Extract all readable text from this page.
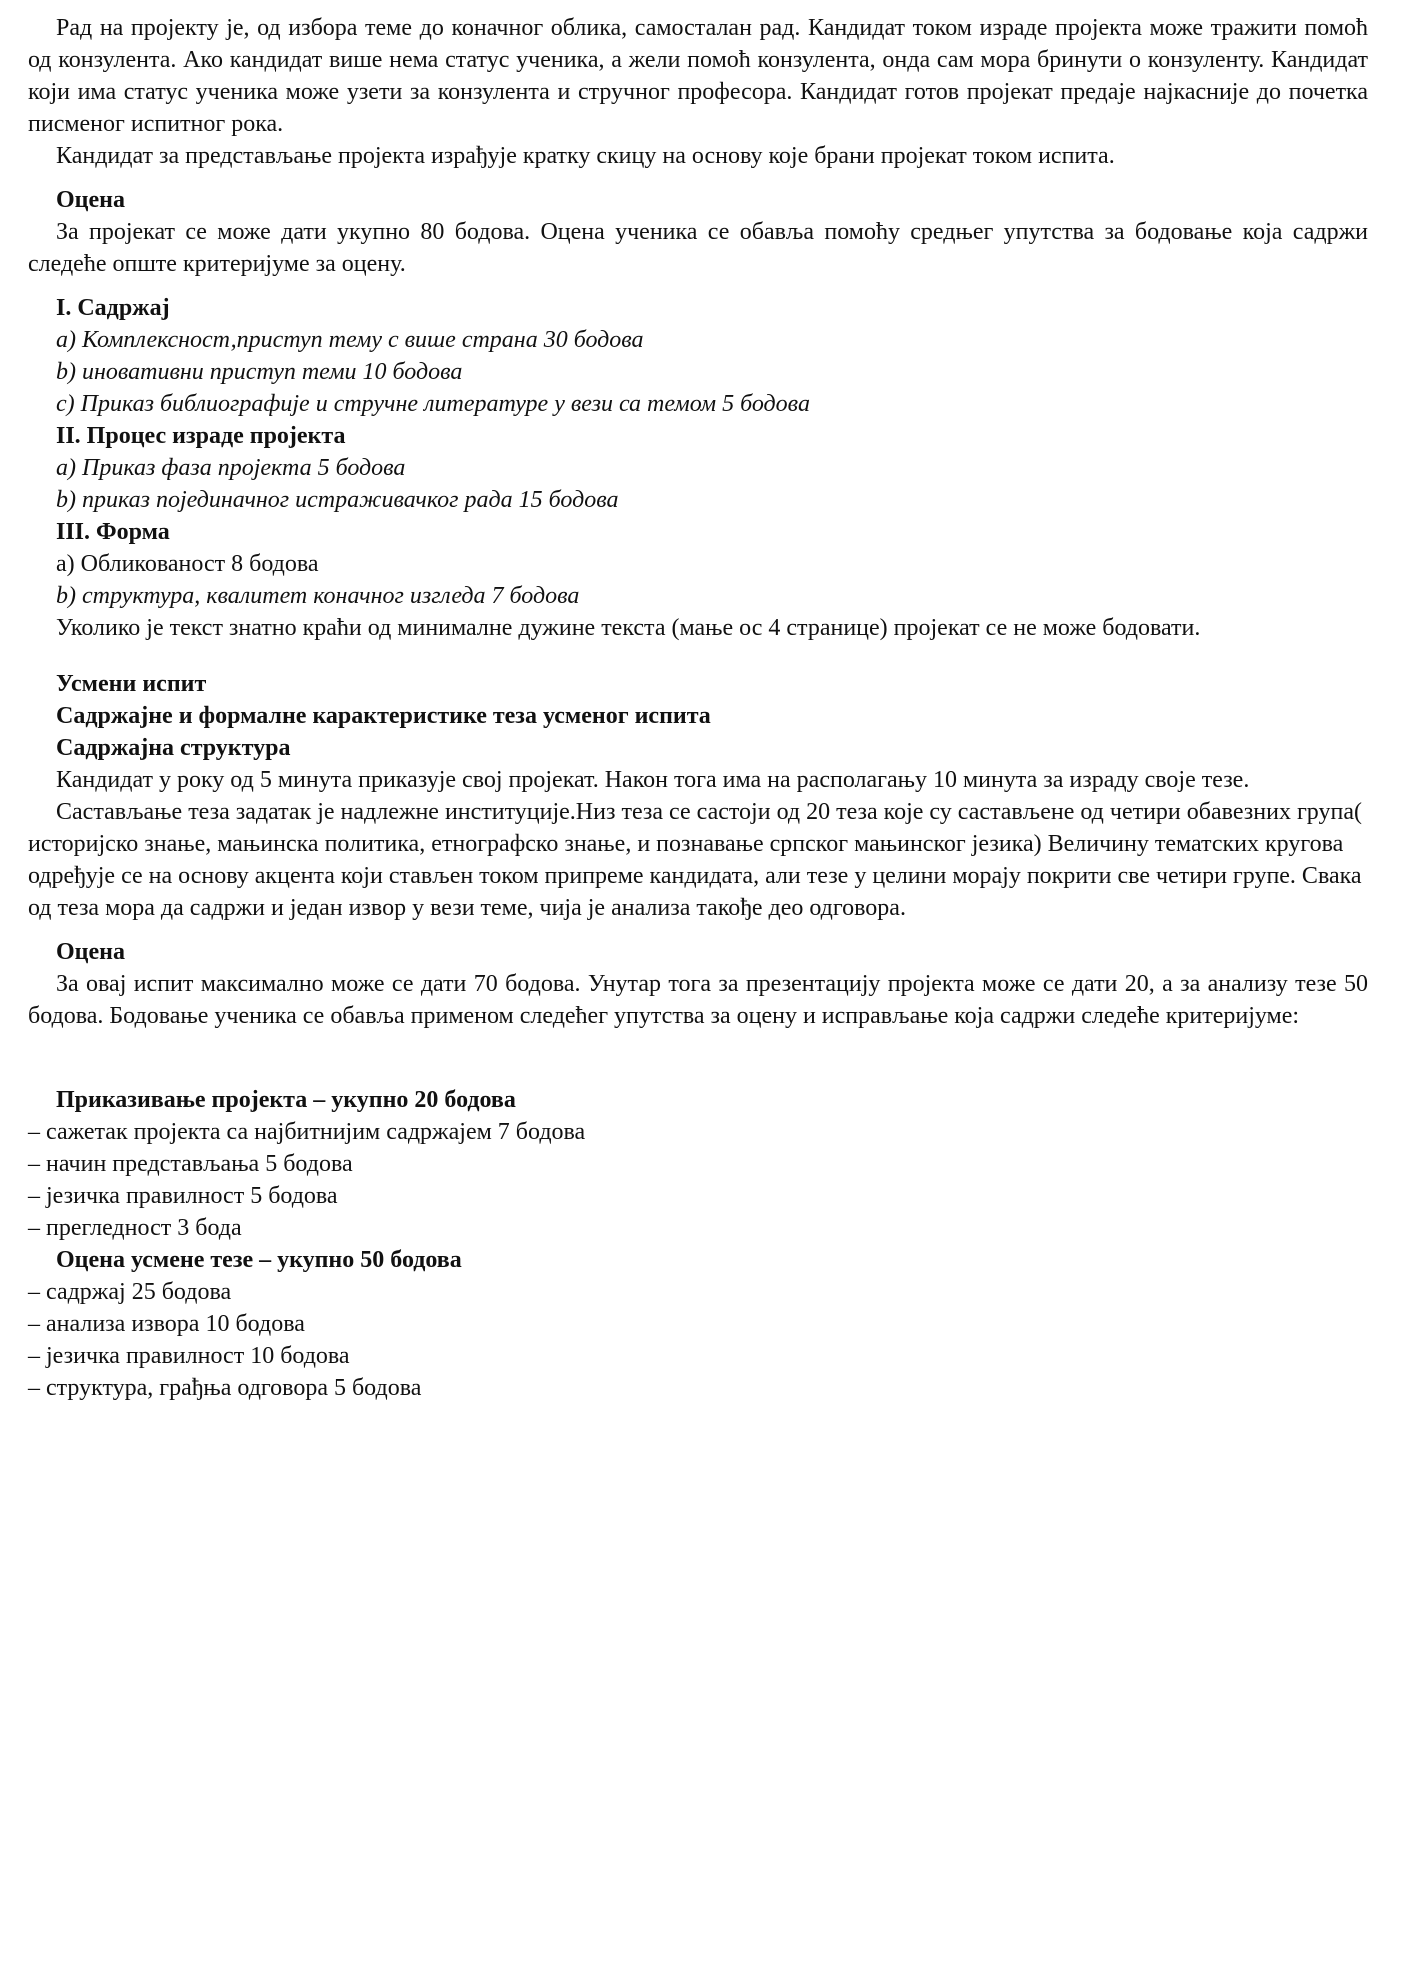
Рад на пројекту је, од избора теме до коначног облика, самосталан рад. Кандидат током израде пројекта може тражити помоћ од конзулента. Ако кандидат више нема статус ученика, а жели помоћ конзулента, онда сам мора бринути о конзуленту. Кандидат који има статус ученика може узети за конзулента и стручног професора. Кандидат готов пројекат предаје најкасније до почетка писменог испитног рока.

Кандидат за представљање пројекта израђује кратку скицу на основу које брани пројекат током испита.

Оцена

За пројекат се може дати укупно 80 бодова. Оцена ученика се обавља помоћу средњег упутства за бодовање која садржи следеће опште критеријуме за оцену.

I. Садржај

a) Комплексност,приступ тему с више страна 30 бодова

b) иновативни приступ теми 10 бодова

c) Приказ библиографије и стручне литературе у вези са темом 5 бодова

II. Процес израде пројекта

a) Приказ фаза пројекта 5 бодова

b) приказ појединачног истраживачког рада 15 бодова

III. Форма

a) Обликованост 8 бодова

b) структура, квалитет коначног изгледа 7 бодова

Уколико је текст знатно краћи од минималне дужине текста (мање ос 4 странице) пројекат се не може бодовати.

Усмени испит

Садржајне и формалне карактеристике теза усменог испита

Садржајна структура

Кандидат у року од 5 минута приказује свој пројекат. Након тога има на располагању 10 минута за израду своје тезе.

Састављање теза задатак је надлежне институције.Низ теза се састоји од 20 теза које су састављене од четири обавезних група( историјско знање, мањинска политика, етнографско знање, и познавање српског мањинског језика) Величину тематских кругова одређује се на основу акцента који стављен током припреме кандидата, али тезе у целини морају покрити све четири групе. Свака од теза мора да садржи и један извор у вези теме, чија је анализа такође део одговора.

Оцена

За овај испит максимално може се дати 70 бодова. Унутар тога за презентацију пројекта може се дати 20, а за анализу тезе 50 бодова. Бодовање ученика се обавља применом следећег упутства за оцену и исправљање која садржи следеће критеријуме:

Приказивање пројекта – укупно 20 бодова

– сажетак пројекта са најбитнијим садржајем 7 бодова

– начин представљања 5 бодова

– језичка правилност 5 бодова

– прегледност 3 бода

Оцена усмене тезе – укупно 50 бодова

– садржај 25 бодова

– анализа извора 10 бодова

– језичка правилност 10 бодова

– структура, грађња одговора 5 бодова
